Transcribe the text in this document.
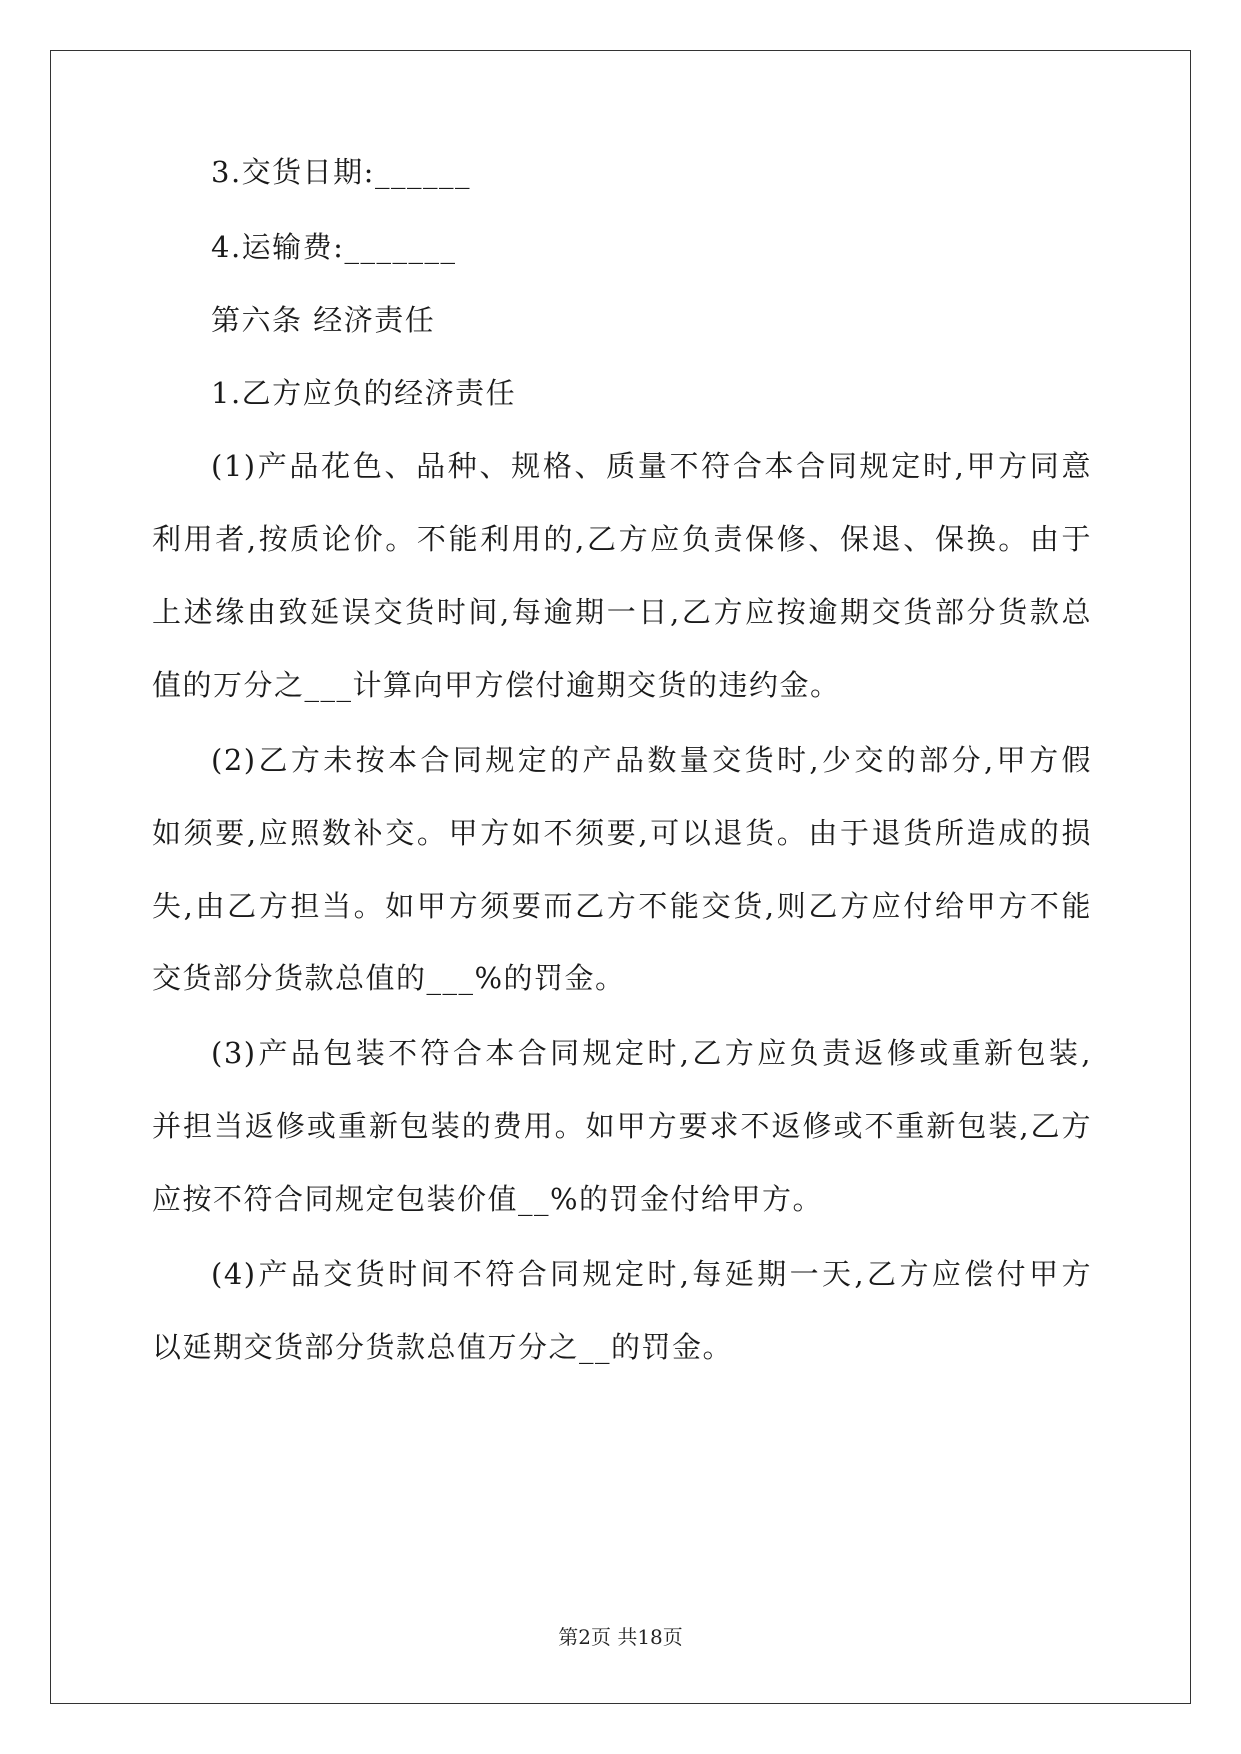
3.交货日期:______
4.运输费:_______
第六条 经济责任
1.乙方应负的经济责任
(1)产品花色、品种、规格、质量不符合本合同规定时,甲方同意
利用者,按质论价。不能利用的,乙方应负责保修、保退、保换。由于
上述缘由致延误交货时间,每逾期一日,乙方应按逾期交货部分货款总
值的万分之___计算向甲方偿付逾期交货的违约金。
(2)乙方未按本合同规定的产品数量交货时,少交的部分,甲方假
如须要,应照数补交。甲方如不须要,可以退货。由于退货所造成的损
失,由乙方担当。如甲方须要而乙方不能交货,则乙方应付给甲方不能
交货部分货款总值的___%的罚金。
(3)产品包装不符合本合同规定时,乙方应负责返修或重新包装,
并担当返修或重新包装的费用。如甲方要求不返修或不重新包装,乙方
应按不符合同规定包装价值__%的罚金付给甲方。
(4)产品交货时间不符合同规定时,每延期一天,乙方应偿付甲方
以延期交货部分货款总值万分之__的罚金。
第2页 共18页
